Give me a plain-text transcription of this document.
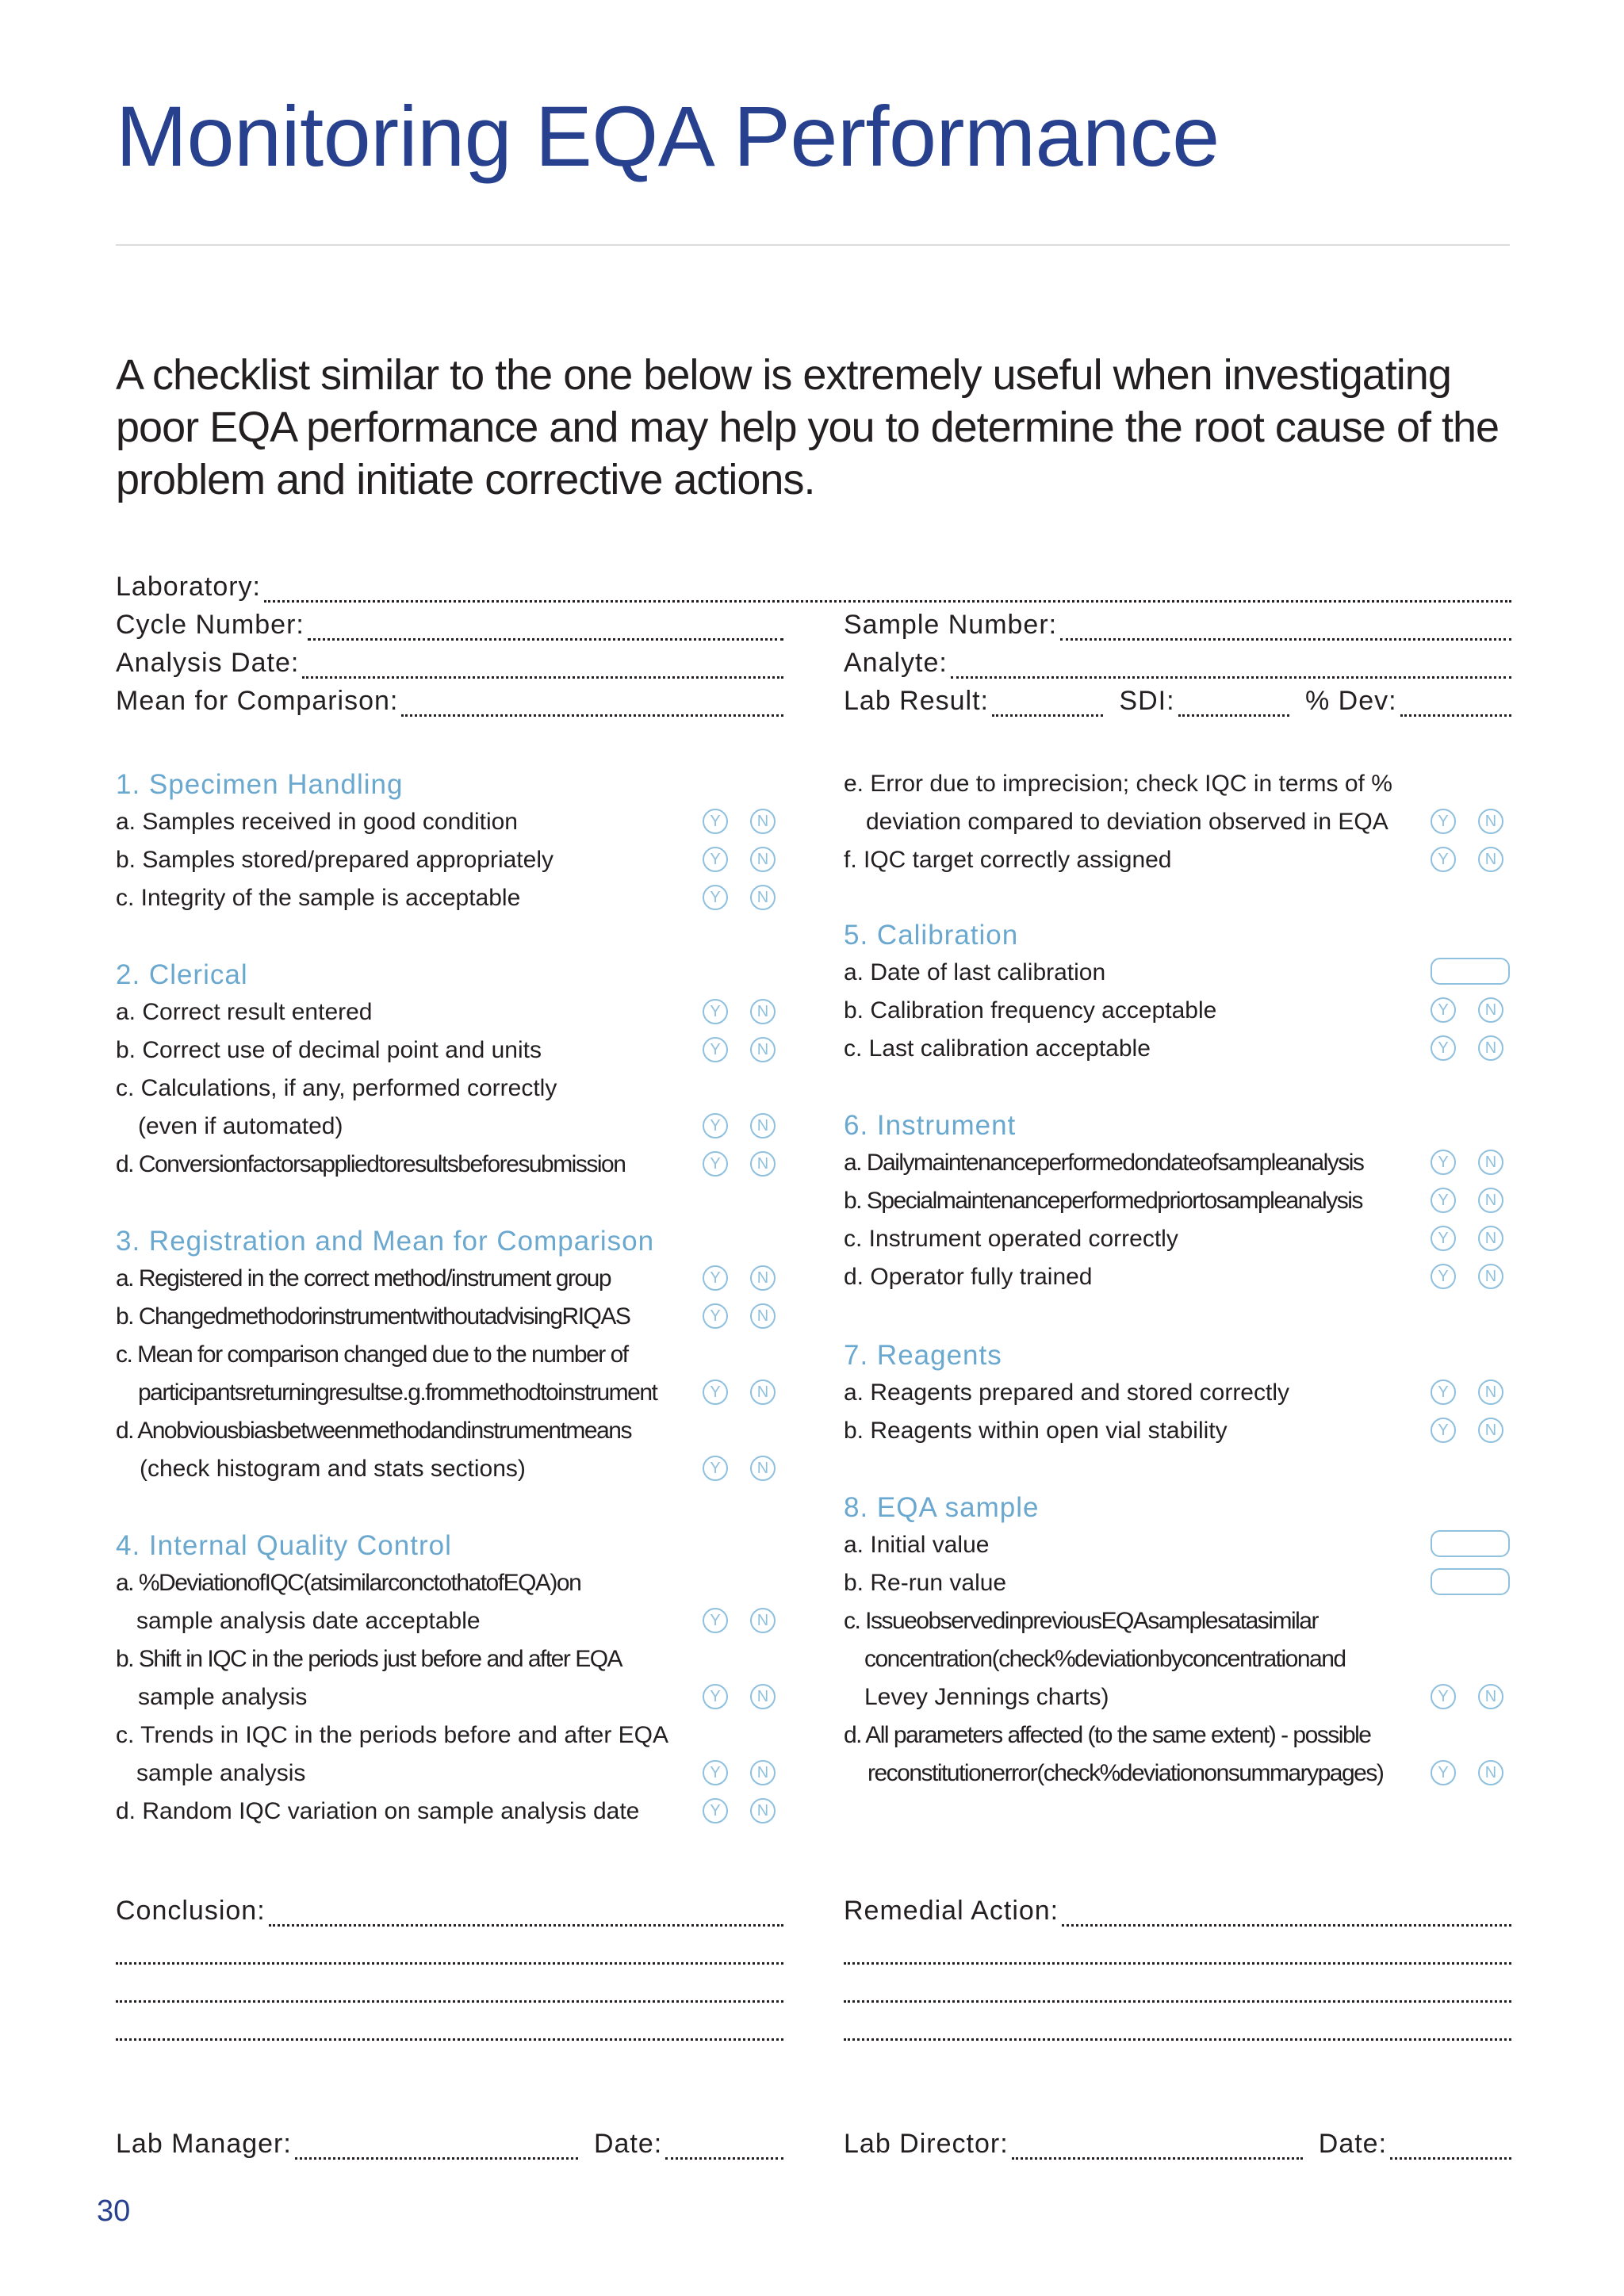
Monitoring EQA Performance

A checklist similar to the one below is extremely useful when investigating poor EQA performance and may help you to determine the root cause of the problem and initiate corrective actions.

Laboratory:
Cycle Number:	Sample Number:
Analysis Date:	Analyte:
Mean for Comparison:	Lab Result:	SDI:	% Dev:
1. Specimen Handling
a. Samples received in good condition	Y	N
b. Samples stored/prepared appropriately	Y	N
c. Integrity of the sample is acceptable	Y	N
2. Clerical
a. Correct result entered	Y	N
b. Correct use of decimal point and units	Y	N
c. Calculations, if any, performed correctly
(even if automated)	Y	N
d. Conversionfactorsappliedtoresultsbeforesubmission	Y	N
3. Registration and Mean for Comparison
a. Registered in the correct method/instrument group	Y	N
b. ChangedmethodorinstrumentwithoutadvisingRIQAS	Y	N
c. Mean for comparison changed due to the number of
participantsreturningresultse.g.frommethodtoinstrument	Y	N
d. Anobviousbiasbetweenmethodandinstrumentmeans
(check histogram and stats sections)	Y	N
4. Internal Quality Control
a. %DeviationofIQC(atsimilarconctothatofEQA)on
sample analysis date acceptable	Y	N
b. Shift in IQC in the periods just before and after EQA
sample analysis	Y	N
c. Trends in IQC in the periods before and after EQA
sample analysis	Y	N
d. Random IQC variation on sample analysis date	Y	N
e. Error due to imprecision; check IQC in terms of %
deviation compared to deviation observed in EQA	Y	N
f. IQC target correctly assigned	Y	N
5. Calibration
a. Date of last calibration
b. Calibration frequency acceptable	Y	N
c. Last calibration acceptable	Y	N
6. Instrument
a. Dailymaintenanceperformedondateofsampleanalysis	Y	N
b. Specialmaintenanceperformedpriortosampleanalysis	Y	N
c. Instrument operated correctly	Y	N
d. Operator fully trained	Y	N
7. Reagents
a. Reagents prepared and stored correctly	Y	N
b. Reagents within open vial stability	Y	N
8. EQA sample
a. Initial value
b. Re-run value
c. IssueobservedinpreviousEQAsamplesatasimilar
concentration(check%deviationbyconcentrationand
Levey Jennings charts)	Y	N
d. All parameters affected (to the same extent) - possible
reconstitutionerror(check%deviationonsummarypages)	Y	N
Conclusion:	Remedial Action:
Lab Manager:	Date:	Lab Director:	Date:
30
